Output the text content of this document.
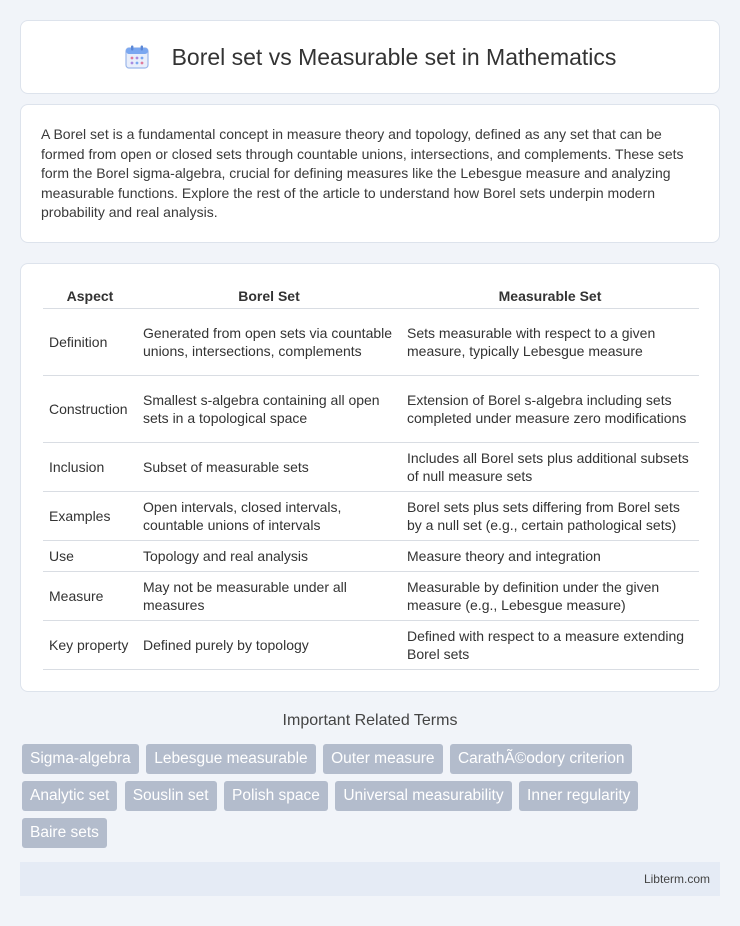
Borel set vs Measurable set in Mathematics

A Borel set is a fundamental concept in measure theory and topology, defined as any set that can be formed from open or closed sets through countable unions, intersections, and complements. These sets form the Borel sigma-algebra, crucial for defining measures like the Lebesgue measure and analyzing measurable functions. Explore the rest of the article to understand how Borel sets underpin modern probability and real analysis.

Aspect	Borel Set	Measurable Set
Definition	Generated from open sets via countable unions, intersections, complements	Sets measurable with respect to a given measure, typically Lebesgue measure
Construction	Smallest s-algebra containing all open sets in a topological space	Extension of Borel s-algebra including sets completed under measure zero modifications
Inclusion	Subset of measurable sets	Includes all Borel sets plus additional subsets of null measure sets
Examples	Open intervals, closed intervals, countable unions of intervals	Borel sets plus sets differing from Borel sets by a null set (e.g., certain pathological sets)
Use	Topology and real analysis	Measure theory and integration
Measure	May not be measurable under all measures	Measurable by definition under the given measure (e.g., Lebesgue measure)
Key property	Defined purely by topology	Defined with respect to a measure extending Borel sets
Important Related Terms
Sigma-algebra Lebesgue measurable Outer measure CarathÃ©odory criterion Analytic set Souslin set Polish space Universal measurability Inner regularity Baire sets
Libterm.com
